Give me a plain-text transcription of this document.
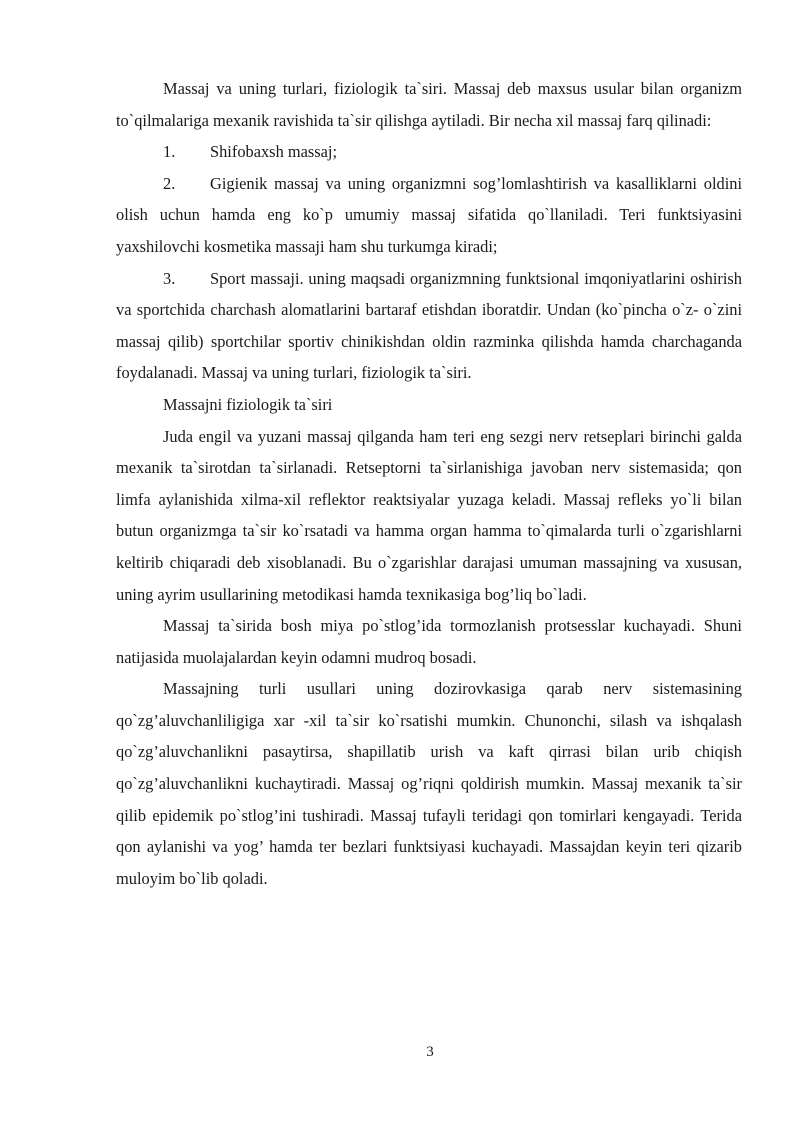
Massaj va uning turlari, fiziologik ta`siri. Massaj deb maxsus usular bilan organizm to`qilmalariga mexanik ravishida ta`sir qilishga aytiladi. Bir necha xil massaj farq qilinadi:

1. Shifobaxsh massaj;

2. Gigienik massaj va uning organizmni sog’lomlashtirish va kasalliklarni oldini olish uchun hamda eng ko`p umumiy massaj sifatida qo`llaniladi. Teri funktsiyasini yaxshilovchi kosmetika massaji ham shu turkumga kiradi;

3. Sport massaji. uning maqsadi organizmning funktsional imqoniyatlarini oshirish va sportchida charchash alomatlarini bartaraf etishdan iboratdir. Undan (ko`pincha o`z- o`zini massaj qilib) sportchilar sportiv chinikishdan oldin razminka qilishda hamda charchaganda foydalanadi. Massaj va uning turlari, fiziologik ta`siri.

Massajni fiziologik ta`siri

Juda engil va yuzani massaj qilganda ham teri eng sezgi nerv retseplari birinchi galda mexanik ta`sirotdan ta`sirlanadi. Retseptorni ta`sirlanishiga javoban nerv sistemasida; qon limfa aylanishida xilma-xil reflektor reaktsiyalar yuzaga keladi. Massaj refleks yo`li bilan butun organizmga ta`sir ko`rsatadi va hamma organ hamma to`qimalarda turli o`zgarishlarni keltirib chiqaradi deb xisoblanadi. Bu o`zgarishlar darajasi umuman massajning va xususan, uning ayrim usullarining metodikasi hamda texnikasiga bog’liq bo`ladi.

Massaj ta`sirida bosh miya po`stlog’ida tormozlanish protsesslar kuchayadi. Shuni natijasida muolajalardan keyin odamni mudroq bosadi.

Massajning turli usullari uning dozirovkasiga qarab nerv sistemasining qo`zg’aluvchanliligiga xar -xil ta`sir ko`rsatishi mumkin. Chunonchi, silash va ishqalash qo`zg’aluvchanlikni pasaytirsa, shapillatib urish va kaft qirrasi bilan urib chiqish qo`zg’aluvchanlikni kuchaytiradi. Massaj og’riqni qoldirish mumkin. Massaj mexanik ta`sir qilib epidemik po`stlog’ini tushiradi. Massaj tufayli teridagi qon tomirlari kengayadi. Terida qon aylanishi va yog’ hamda ter bezlari funktsiyasi kuchayadi. Massajdan keyin teri qizarib muloyim bo`lib qoladi.

3
